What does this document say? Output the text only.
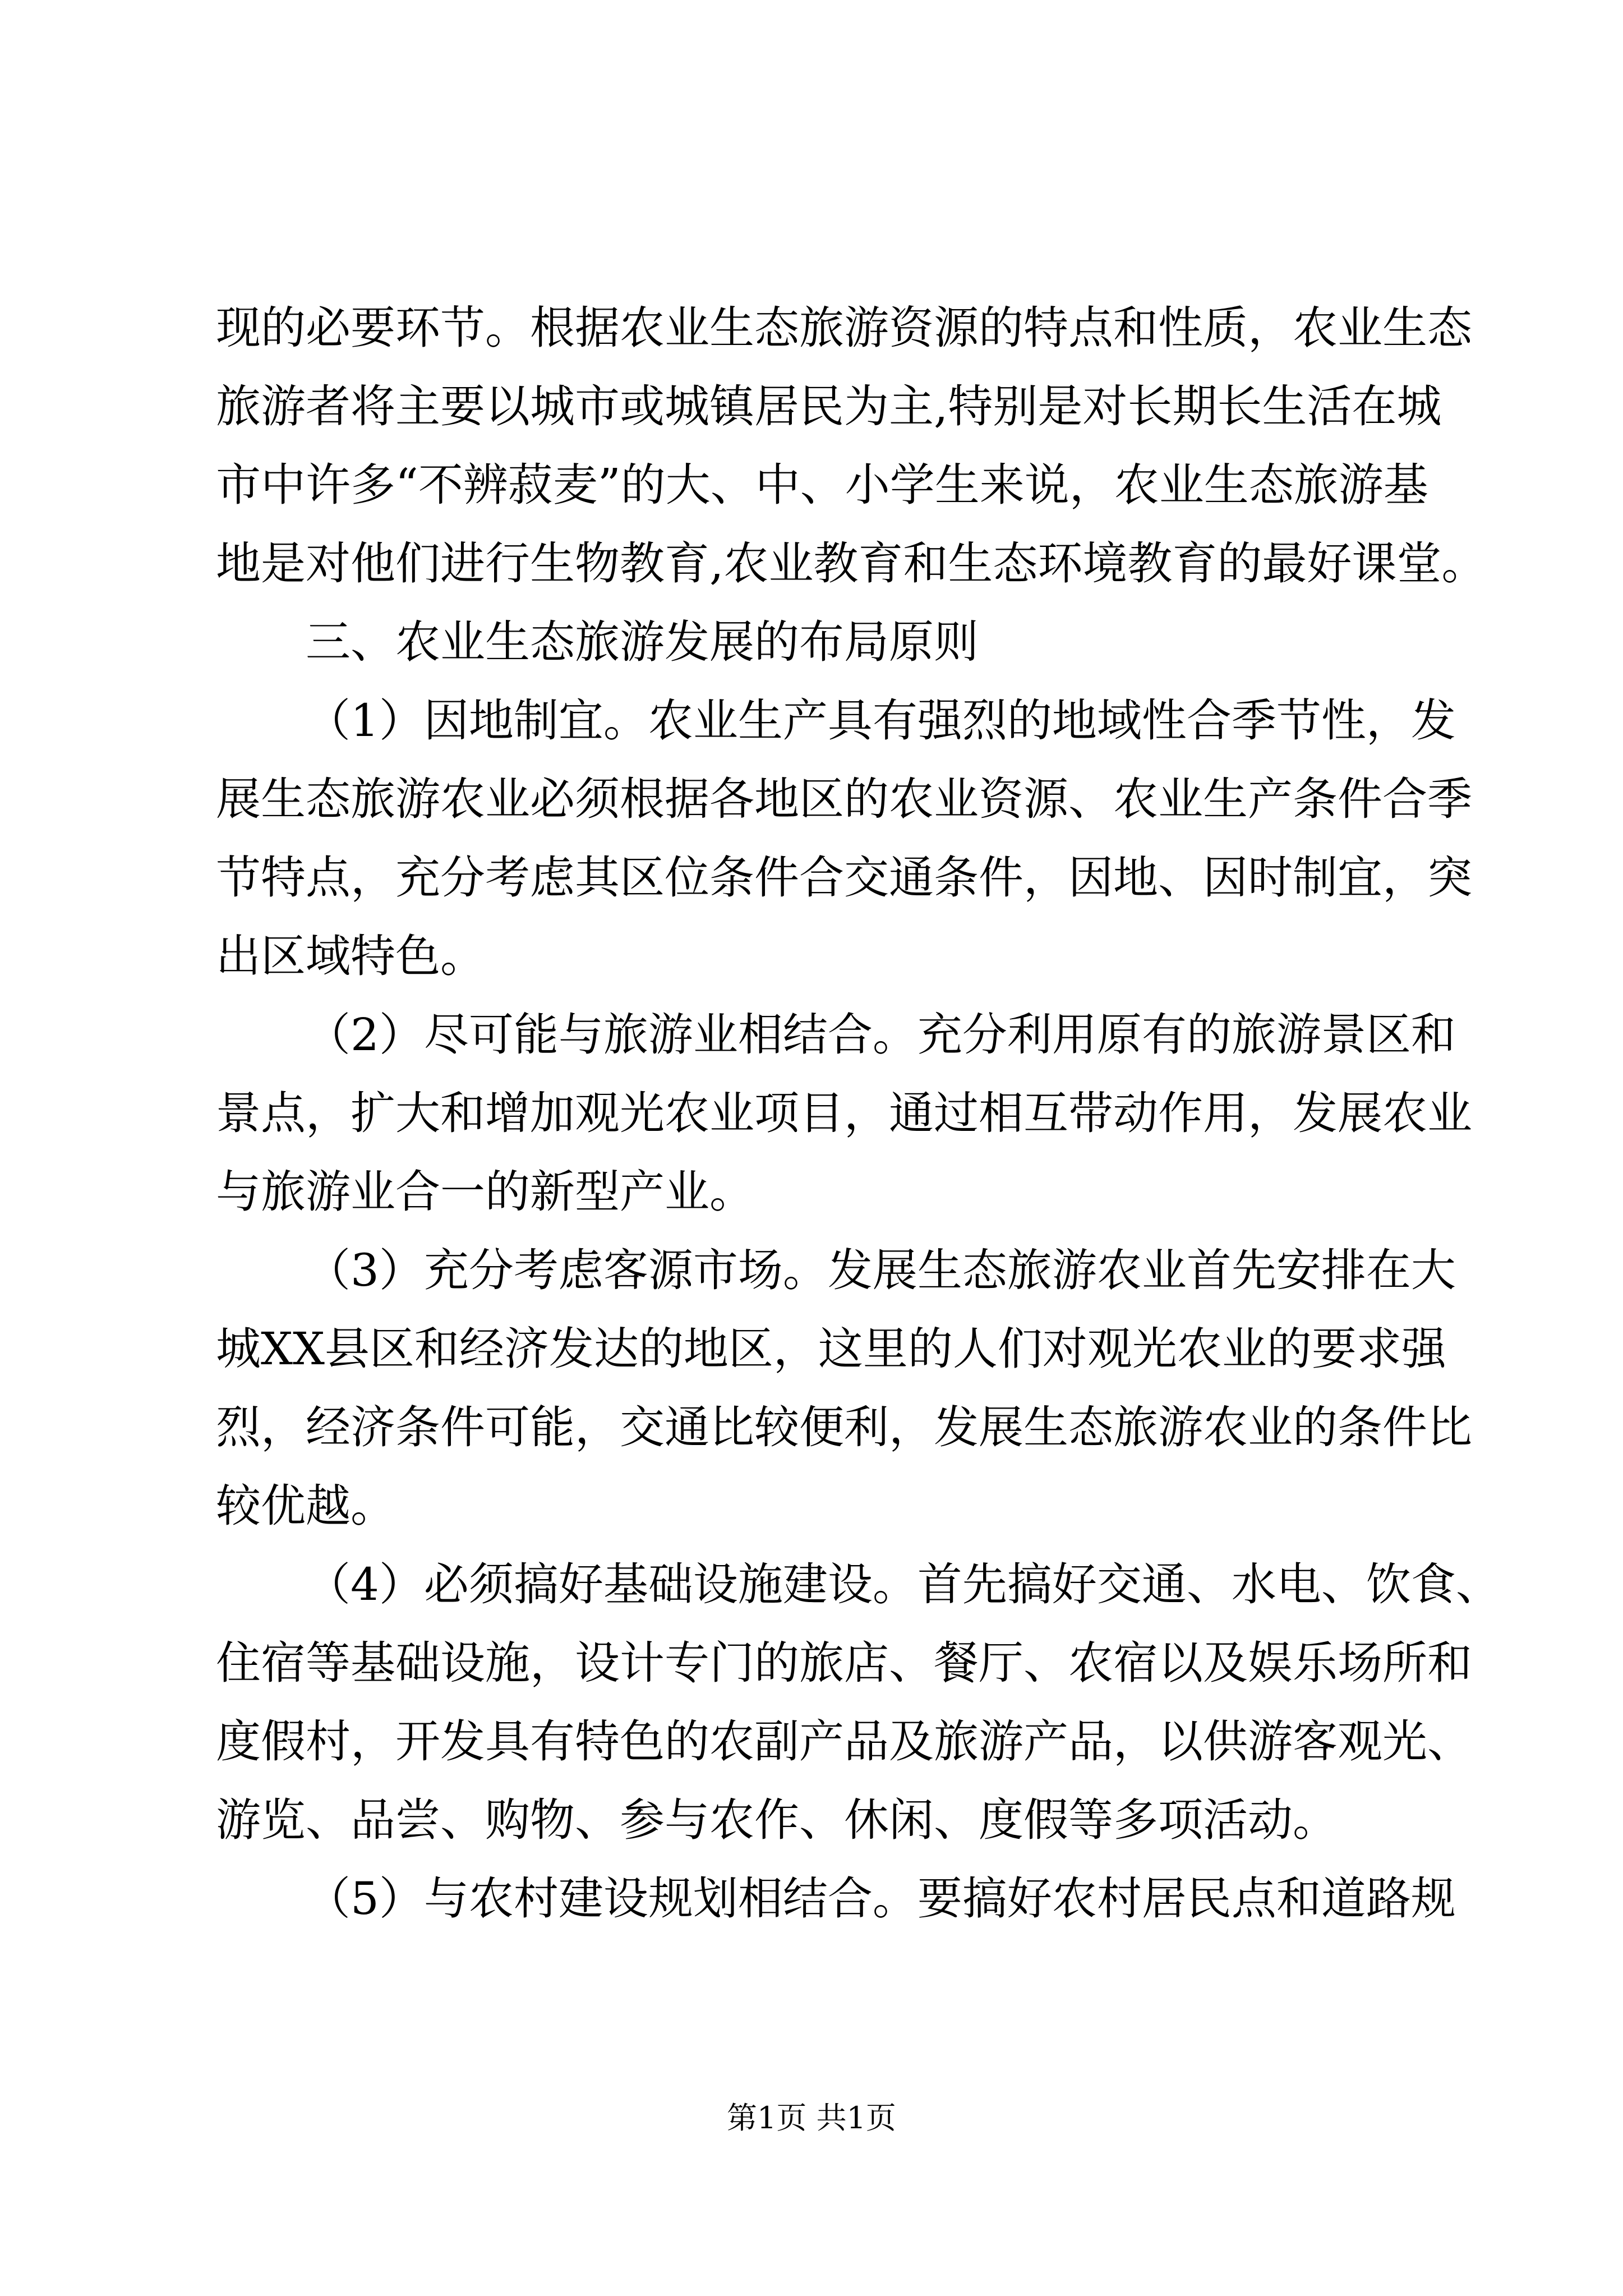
现的必要环节。根据农业生态旅游资源的特点和性质，农业生态
旅游者将主要以城市或城镇居民为主,特别是对长期长生活在城
市中许多“不辨菽麦”的大、中、小学生来说，农业生态旅游基
地是对他们进行生物教育,农业教育和生态环境教育的最好课堂。
三、农业生态旅游发展的布局原则
（1）因地制宜。农业生产具有强烈的地域性合季节性，发
展生态旅游农业必须根据各地区的农业资源、农业生产条件合季
节特点，充分考虑其区位条件合交通条件，因地、因时制宜，突
出区域特色。
（2）尽可能与旅游业相结合。充分利用原有的旅游景区和
景点，扩大和增加观光农业项目，通过相互带动作用，发展农业
与旅游业合一的新型产业。
（3）充分考虑客源市场。发展生态旅游农业首先安排在大
城XX县区和经济发达的地区，这里的人们对观光农业的要求强
烈，经济条件可能，交通比较便利，发展生态旅游农业的条件比
较优越。
（4）必须搞好基础设施建设。首先搞好交通、水电、饮食、
住宿等基础设施，设计专门的旅店、餐厅、农宿以及娱乐场所和
度假村，开发具有特色的农副产品及旅游产品，以供游客观光、
游览、品尝、购物、参与农作、休闲、度假等多项活动。
（5）与农村建设规划相结合。要搞好农村居民点和道路规
第1页 共1页
